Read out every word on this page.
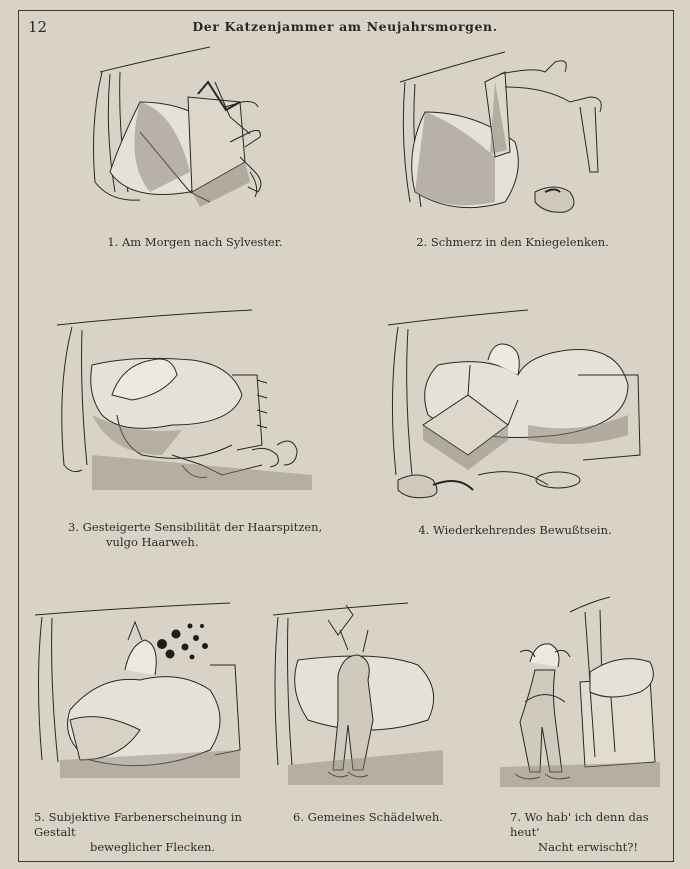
12	Der Katzenjammer am Neujahrsmorgen.
1. Am Morgen nach Sylvester.	2. Schmerz in den Kniegelenken.
3. Gesteigerte Sensibilität der Haarspitzen,
vulgo Haarweh.
4. Wiederkehrendes Bewußtsein.
5. Subjektive Farbenerscheinung in Gestalt
beweglicher Flecken.
6. Gemeines Schädelweh.	7. Wo hab' ich denn das heut'
Nacht erwischt?!
